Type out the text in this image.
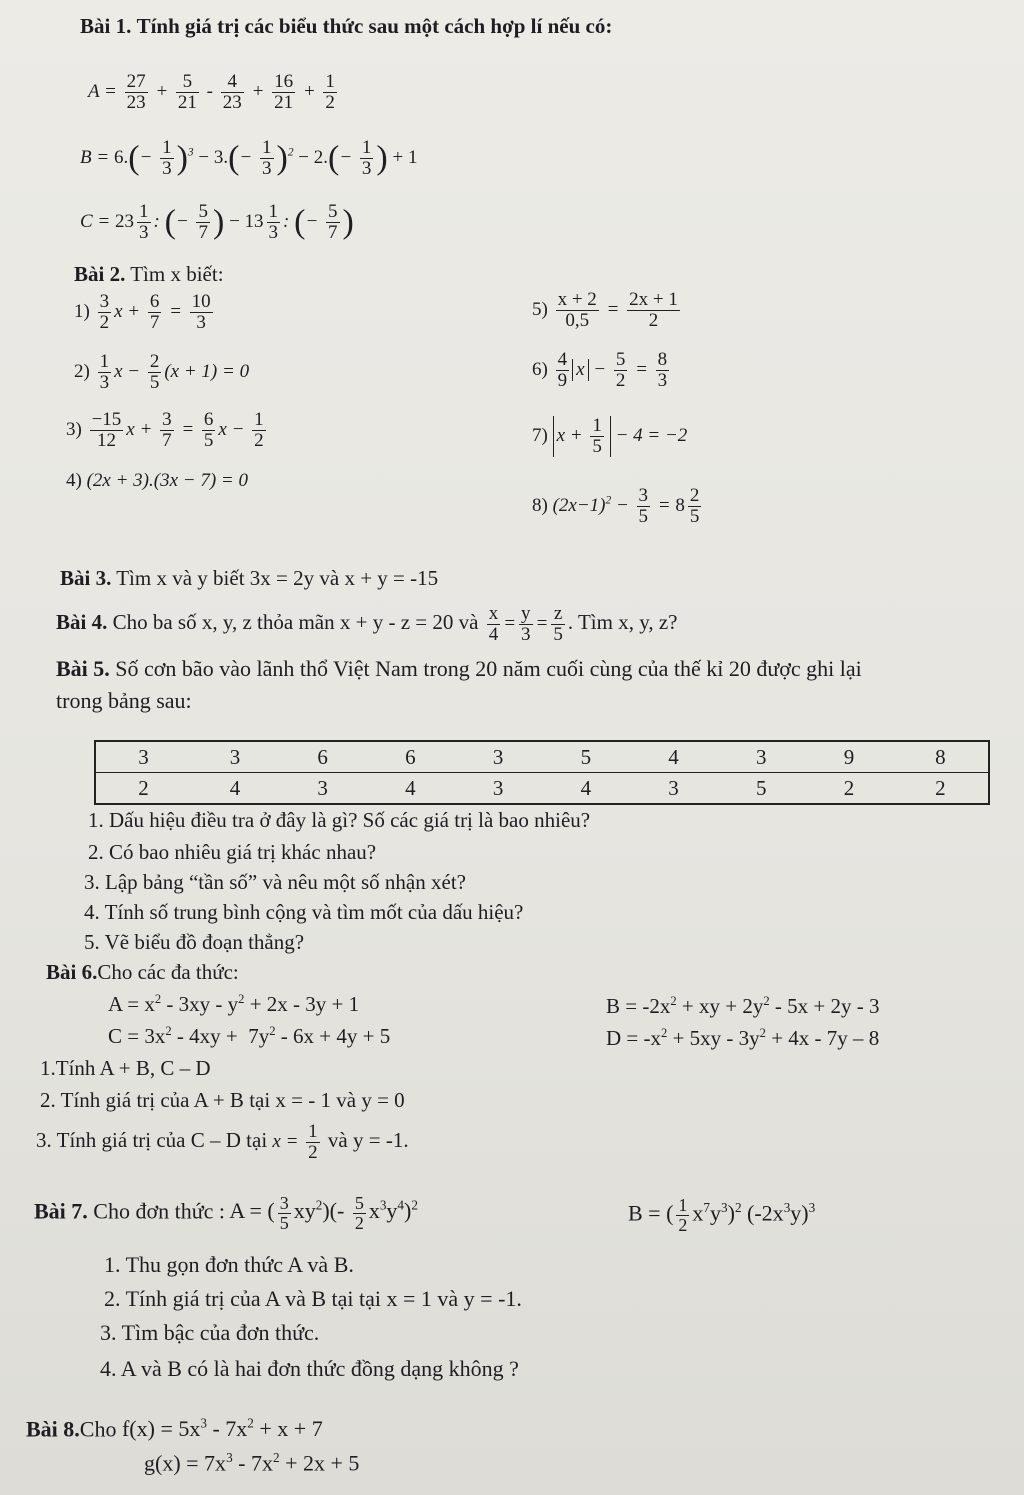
Bài 1. Tính giá trị các biểu thức sau một cách hợp lí nếu có:
$A = \frac{27}{23} + \frac{5}{21} - \frac{4}{23} + \frac{16}{21} + \frac{1}{2}$
$B = 6.(- \frac{1}{3} )^3 - 3.(- \frac{1}{3} )^2 - 2.(- \frac{1}{3}$ ) + 1
$C = 23 \frac{1}{3}$ : (− $\frac{5}{7}$ ) − $13 \frac{1}{3}$ : (− $\frac{5}{7}$ )
Bài 2. Tìm x biết:
$1) \frac{3}{2}$ $x + \frac{6}{7} = \frac{10}{3}$
$2) \frac{1}{3}$ $x - \frac{2}{5} (x + 1) = 0$
$3) \frac{-15}{12}$ $x + \frac{3}{7} = \frac{6}{5}$ $x - \frac{1}{2}$
4) (2x + 3).(3x − 7) = 0
$5) \frac{x + 2}{0,5} = \frac{2x + 1}{2}$
$6) \frac{4}{9}$ $x - \frac{5}{2} = \frac{8}{3}$
7) $x + \frac{1}{5} - 4 = -2$
8) $(2x-1)^2 - \frac{3}{5} = 8 \frac{2}{5}$
Bài 3. Tìm x và y biết 3x = 2y và x + y = -15
Bài 4. Cho ba số x, y, z thỏa mãn x + y - z = 20 và $\frac{x}{4} = \frac{y}{3} = \frac{z}{5}$ . Tìm x, y, z?
Bài 5. Số cơn bão vào lãnh thổ Việt Nam trong 20 năm cuối cùng của thế kỉ 20 được ghi lại
trong bảng sau:
3	3	6	6	3	5	4	3	9	8
2	4	3	4	3	4	3	5	2	2
1. Dấu hiệu điều tra ở đây là gì? Số các giá trị là bao nhiêu?
2. Có bao nhiêu giá trị khác nhau?
3. Lập bảng “tần số” và nêu một số nhận xét?
4. Tính số trung bình cộng và tìm mốt của dấu hiệu?
5. Vẽ biểu đồ đoạn thẳng?
Bài 6.Cho các đa thức:
$A = x^2 - 3xy - y^2 + 2x - 3y + 1$
$C = 3x^2 - 4xy + 7y^2 - 6x + 4y + 5$
$B = -2x^2$ + xy + $2y^2 - 5x + 2y - 3$
$D = -x^2 + 5xy - 3y^2 + 4x - 7y - 8$
1.Tính A + B, C – D
2. Tính giá trị của A + B tại x = - 1 và y = 0
3. Tính giá trị của C – D tại $x = \frac{1}{2}$ và y = -1.
Bài 7. Cho đơn thức : A = ( $\frac{3}{5} xy^2)(- \frac{5}{2} x^3y^4)^2$	B = ( $\frac{1}{2} x^7y^3)^2$ $(-2x^3y)^3$
1. Thu gọn đơn thức A và B.
2. Tính giá trị của A và B tại tại x = 1 và y = -1.
3. Tìm bậc của đơn thức.
4. A và B có là hai đơn thức đồng dạng không ?
Bài 8.Cho $f(x) = 5x^3 - 7x^2 + x + 7$
$g(x) = 7x^3 - 7x^2 + 2x + 5$
